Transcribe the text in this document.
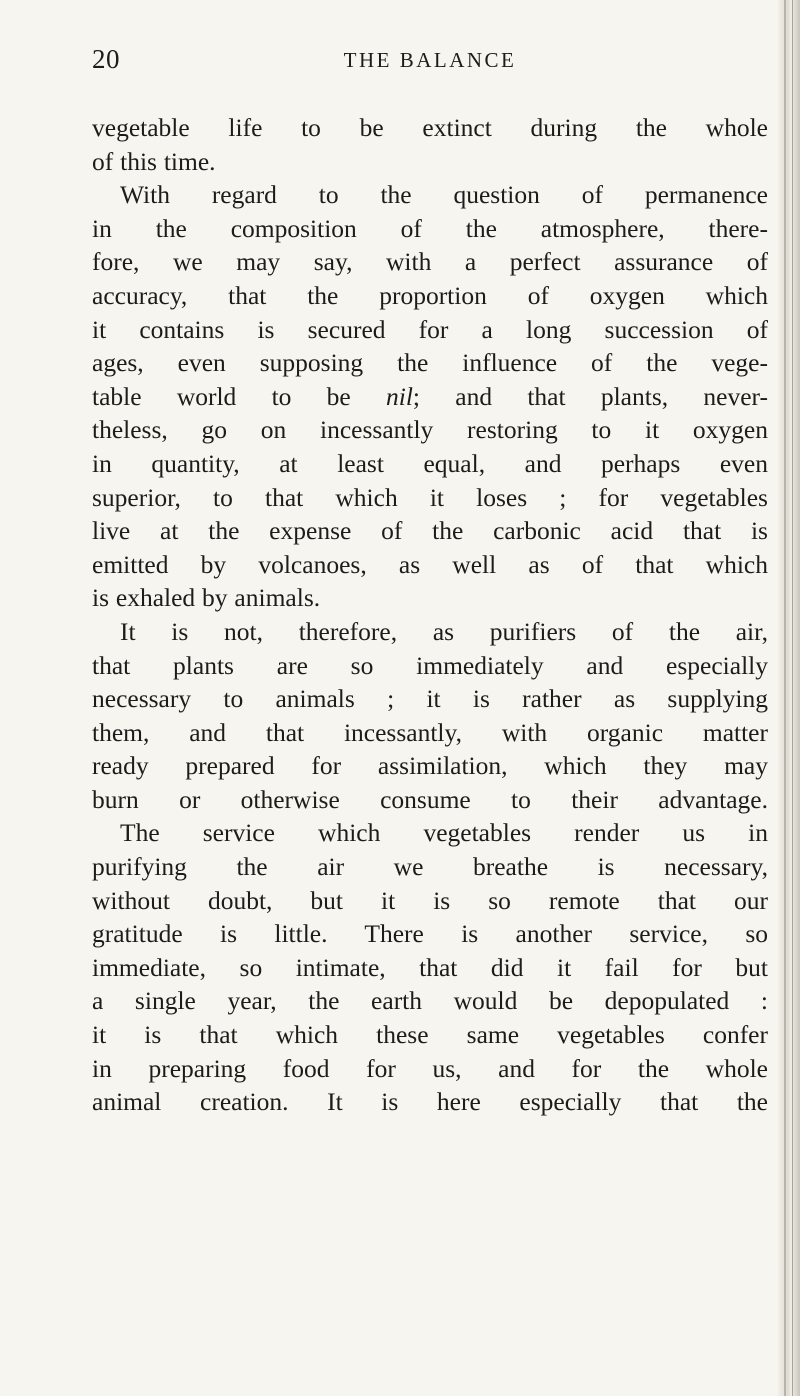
20	THE BALANCE
vegetable life to be extinct during the whole
of this time.
With regard to the question of permanence
in the composition of the atmosphere, there-
fore, we may say, with a perfect assurance of
accuracy, that the proportion of oxygen which
it contains is secured for a long succession of
ages, even supposing the influence of the vege-
table world to be nil; and that plants, never-
theless, go on incessantly restoring to it oxygen
in quantity, at least equal, and perhaps even
superior, to that which it loses ; for vegetables
live at the expense of the carbonic acid that is
emitted by volcanoes, as well as of that which
is exhaled by animals.
It is not, therefore, as purifiers of the air,
that plants are so immediately and especially
necessary to animals ; it is rather as supplying
them, and that incessantly, with organic matter
ready prepared for assimilation, which they may
burn or otherwise consume to their advantage.
The service which vegetables render us in
purifying the air we breathe is necessary,
without doubt, but it is so remote that our
gratitude is little. There is another service, so
immediate, so intimate, that did it fail for but
a single year, the earth would be depopulated :
it is that which these same vegetables confer
in preparing food for us, and for the whole
animal creation. It is here especially that the
